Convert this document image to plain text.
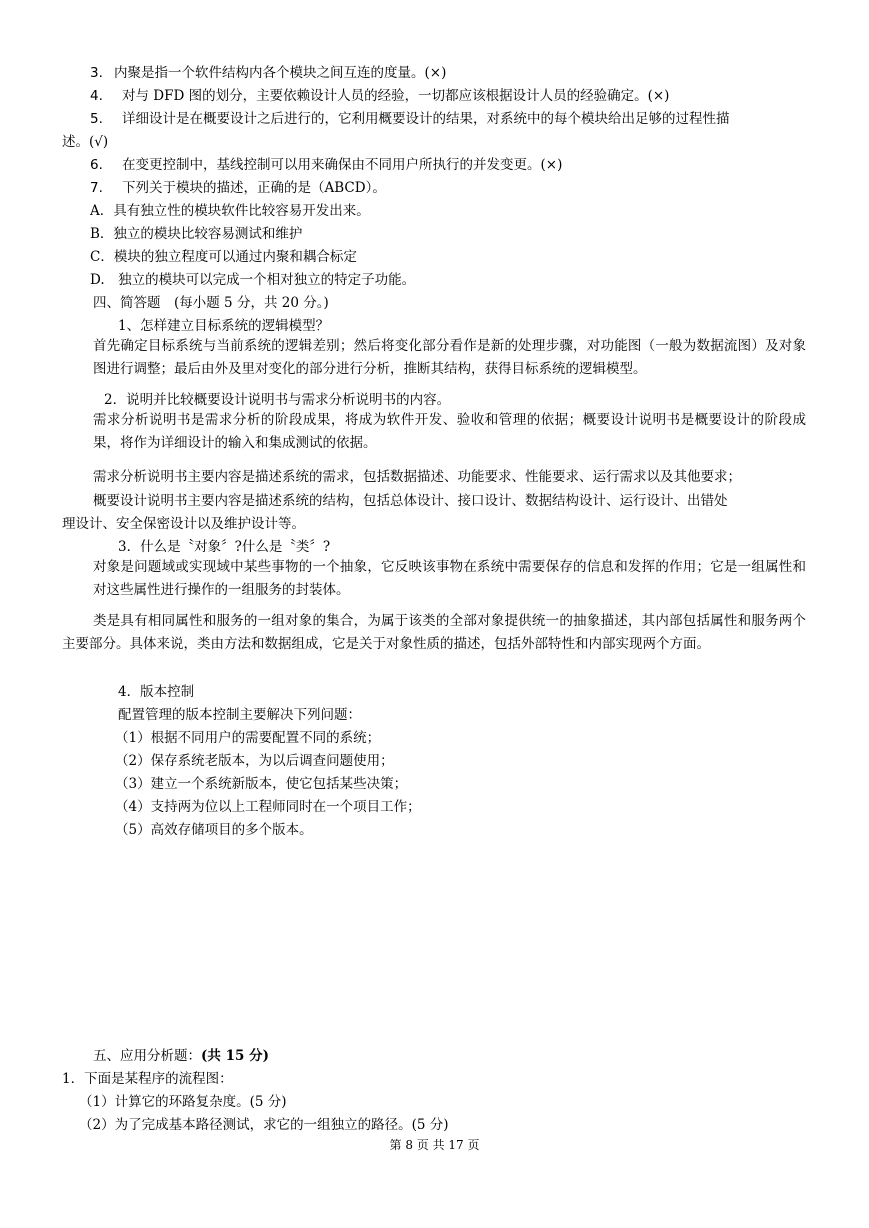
3. 内聚是指一个软件结构内各个模块之间互连的度量。(×)
4. 对与 DFD 图的划分，主要依赖设计人员的经验，一切都应该根据设计人员的经验确定。(×)
5. 详细设计是在概要设计之后进行的，它利用概要设计的结果，对系统中的每个模块给出足够的过程性描
述。(√)
6. 在变更控制中，基线控制可以用来确保由不同用户所执行的并发变更。(×)
7. 下列关于模块的描述，正确的是（ABCD）。
A．具有独立性的模块软件比较容易开发出来。
B．独立的模块比较容易测试和维护
C．模块的独立程度可以通过内聚和耦合标定
D.　独立的模块可以完成一个相对独立的特定子功能。
四、简答题　(每小题 5 分，共 20 分。)
1、怎样建立目标系统的逻辑模型？
首先确定目标系统与当前系统的逻辑差别；然后将变化部分看作是新的处理步骤，对功能图（一般为数据流图）及对象图进行调整；最后由外及里对变化的部分进行分析，推断其结构，获得目标系统的逻辑模型。
2．说明并比较概要设计说明书与需求分析说明书的内容。
需求分析说明书是需求分析的阶段成果，将成为软件开发、验收和管理的依据；概要设计说明书是概要设计的阶段成果，将作为详细设计的输入和集成测试的依据。
需求分析说明书主要内容是描述系统的需求，包括数据描述、功能要求、性能要求、运行需求以及其他要求；
概要设计说明书主要内容是描述系统的结构，包括总体设计、接口设计、数据结构设计、运行设计、出错处
理设计、安全保密设计以及维护设计等。
3．什么是〝对象〞?什么是〝类〞?
对象是问题域或实现域中某些事物的一个抽象，它反映该事物在系统中需要保存的信息和发挥的作用；它是一组属性和对这些属性进行操作的一组服务的封装体。
类是具有相同属性和服务的一组对象的集合，为属于该类的全部对象提供统一的抽象描述，其内部包括属性和服务两个主要部分。具体来说，类由方法和数据组成，它是关于对象性质的描述，包括外部特性和内部实现两个方面。
4．版本控制
配置管理的版本控制主要解决下列问题：
（1）根据不同用户的需要配置不同的系统；
（2）保存系统老版本，为以后调查问题使用；
（3）建立一个系统新版本，使它包括某些决策；
（4）支持两为位以上工程师同时在一个项目工作；
（5）高效存储项目的多个版本。
五、应用分析题：(共 15 分)
1．下面是某程序的流程图：
（1）计算它的环路复杂度。(5 分)
（2）为了完成基本路径测试，求它的一组独立的路径。(5 分)
第 8 页 共 17 页
